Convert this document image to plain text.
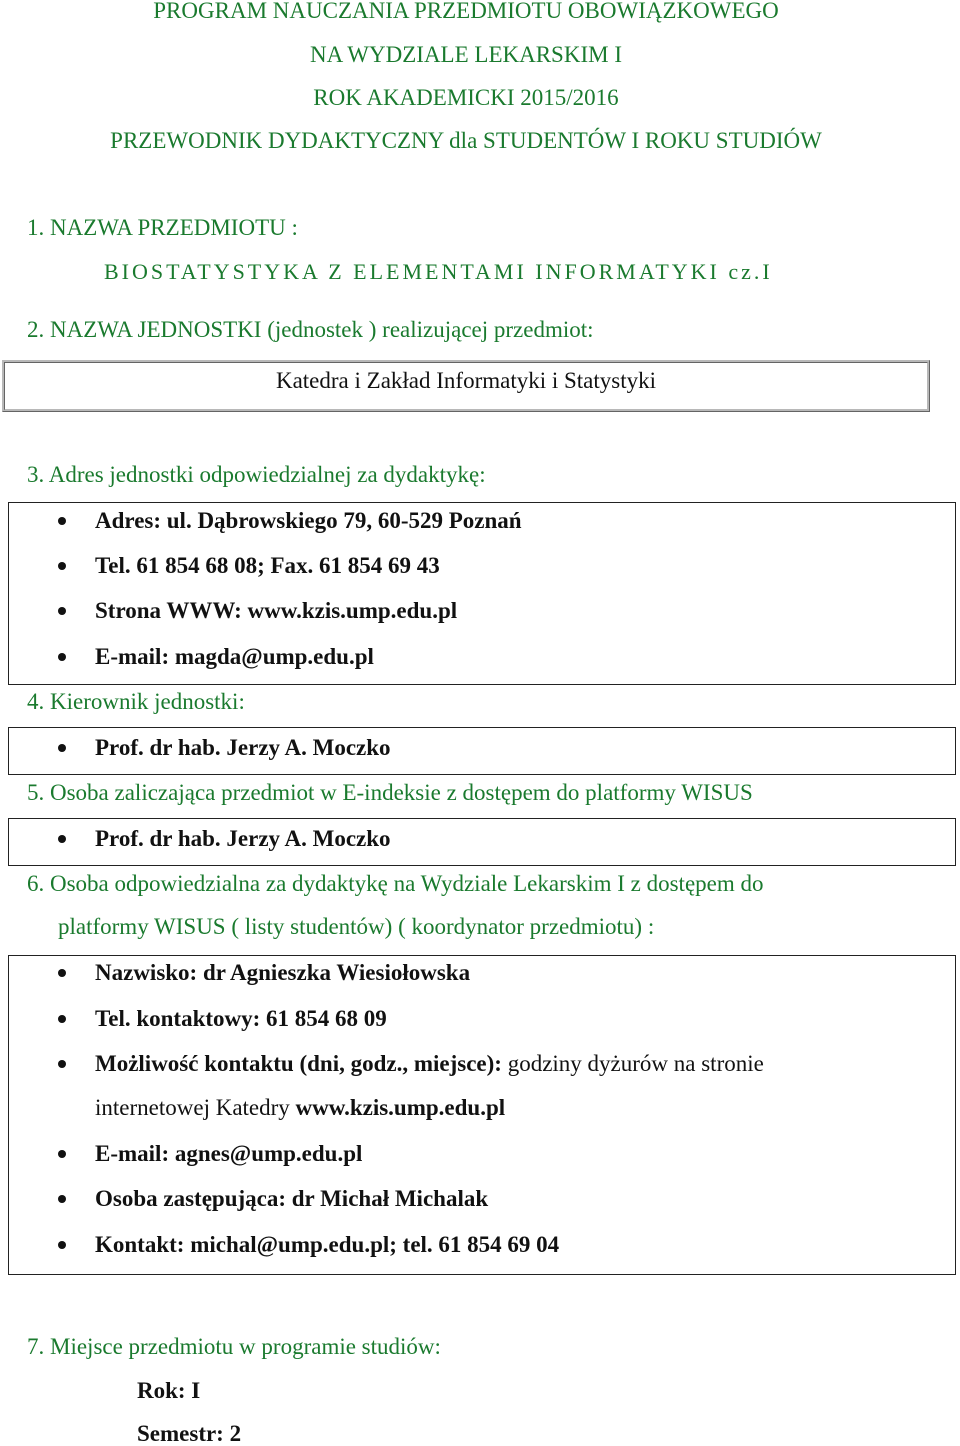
PROGRAM NAUCZANIA PRZEDMIOTU OBOWIĄZKOWEGO
NA WYDZIALE LEKARSKIM I
ROK AKADEMICKI 2015/2016
PRZEWODNIK DYDAKTYCZNY dla STUDENTÓW I ROKU STUDIÓW
1. NAZWA PRZEDMIOTU :
BIOSTATYSTYKA Z ELEMENTAMI INFORMATYKI cz.I
2. NAZWA JEDNOSTKI (jednostek ) realizującej przedmiot:
Katedra i Zakład Informatyki i Statystyki
3. Adres jednostki odpowiedzialnej za dydaktykę:
Adres: ul. Dąbrowskiego 79, 60-529 Poznań
Tel. 61 854 68 08; Fax. 61 854 69 43
Strona WWW: www.kzis.ump.edu.pl
E-mail: magda@ump.edu.pl
4. Kierownik jednostki:
Prof. dr hab. Jerzy A. Moczko
5. Osoba zaliczająca przedmiot w E-indeksie z dostępem do platformy WISUS
Prof. dr hab. Jerzy A. Moczko
6. Osoba odpowiedzialna za dydaktykę na Wydziale Lekarskim I z dostępem do
platformy WISUS ( listy studentów) ( koordynator przedmiotu) :
Nazwisko: dr Agnieszka Wiesiołowska
Tel. kontaktowy: 61 854 68 09
Możliwość kontaktu (dni, godz., miejsce): godziny dyżurów na stronie
internetowej Katedry www.kzis.ump.edu.pl
E-mail: agnes@ump.edu.pl
Osoba zastępująca: dr Michał Michalak
Kontakt: michal@ump.edu.pl; tel. 61 854 69 04
7. Miejsce przedmiotu w programie studiów:
Rok: I
Semestr: 2
